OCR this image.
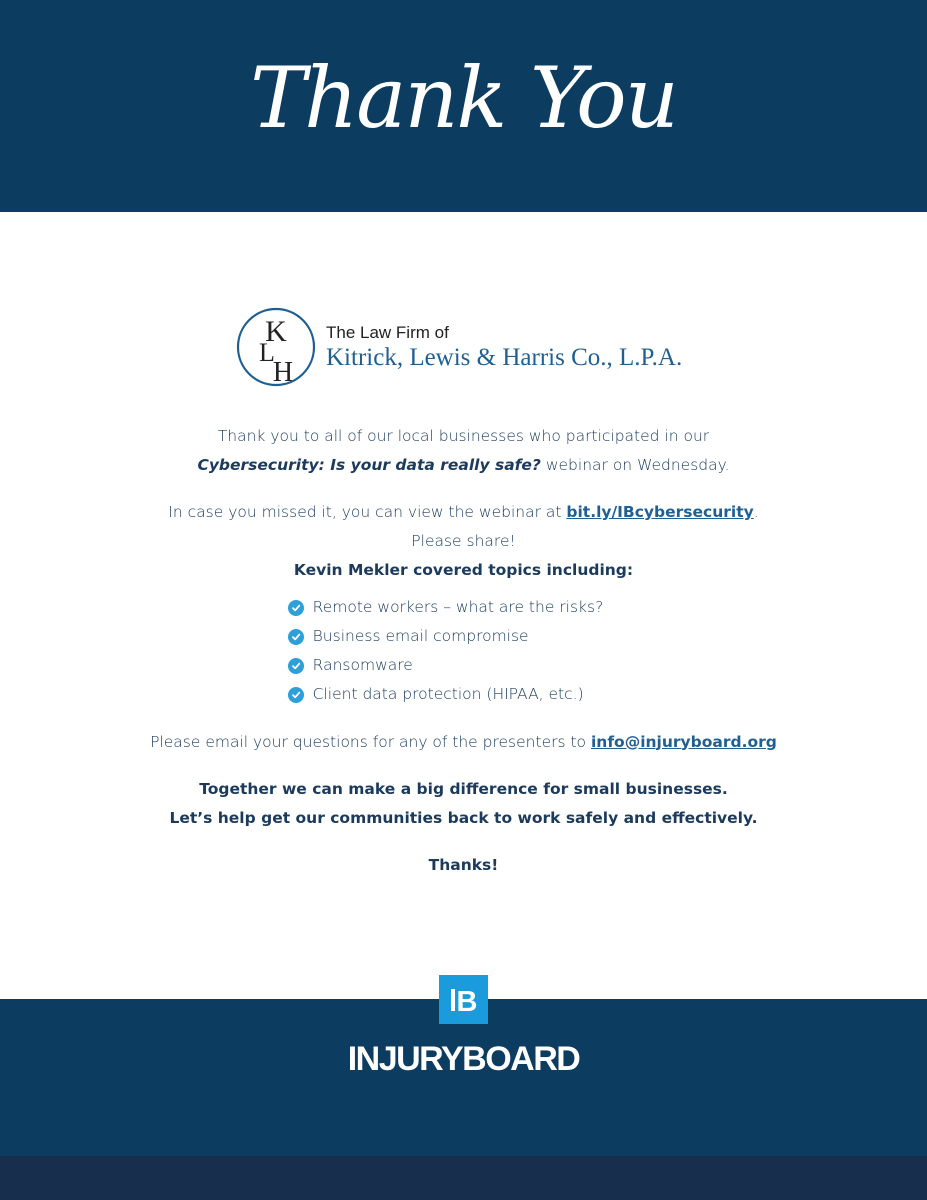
Thank You
K
L
H
The Law Firm of
Kitrick, Lewis & Harris Co., L.P.A.

Thank you to all of our local businesses who participated in our
Cybersecurity: Is your data really safe? webinar on Wednesday.

In case you missed it, you can view the webinar at bit.ly/IBcybersecurity.
Please share!

Kevin Mekler covered topics including:

Remote workers – what are the risks?
Business email compromise
Ransomware
Client data protection (HIPAA, etc.)

Please email your questions for any of the presenters to info@injuryboard.org

Together we can make a big difference for small businesses.
Let’s help get our communities back to work safely and effectively.

Thanks!

B
INJURYBOARD
